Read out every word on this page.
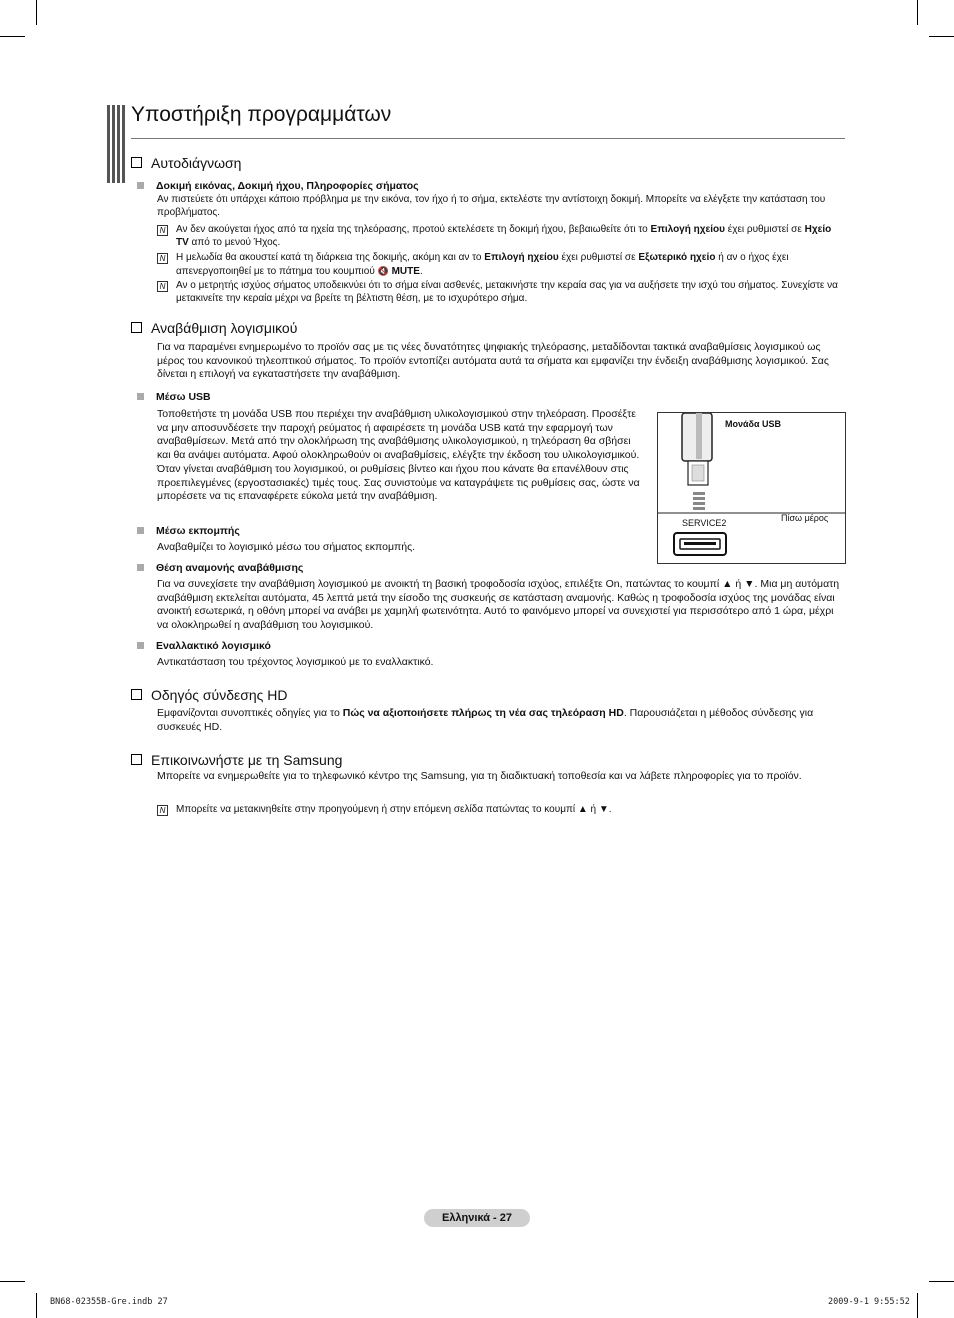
Υποστήριξη προγραμμάτων
Αυτοδιάγνωση
Δοκιμή εικόνας, Δοκιμή ήχου, Πληροφορίες σήματος
Αν πιστεύετε ότι υπάρχει κάποιο πρόβλημα με την εικόνα, τον ήχο ή το σήμα, εκτελέστε την αντίστοιχη δοκιμή. Μπορείτε να ελέγξετε την κατάσταση του προβλήματος.
N Αν δεν ακούγεται ήχος από τα ηχεία της τηλεόρασης, προτού εκτελέσετε τη δοκιμή ήχου, βεβαιωθείτε ότι το Επιλογή ηχείου έχει ρυθμιστεί σε Ηχείο TV από το μενού Ήχος.
N Η μελωδία θα ακουστεί κατά τη διάρκεια της δοκιμής, ακόμη και αν το Επιλογή ηχείου έχει ρυθμιστεί σε Εξωτερικό ηχείο ή αν ο ήχος έχει απενεργοποιηθεί με το πάτημα του κουμπιού 🔇 MUTE.
N Αν ο μετρητής ισχύος σήματος υποδεικνύει ότι το σήμα είναι ασθενές, μετακινήστε την κεραία σας για να αυξήσετε την ισχύ του σήματος. Συνεχίστε να μετακινείτε την κεραία μέχρι να βρείτε τη βέλτιστη θέση, με το ισχυρότερο σήμα.
Αναβάθμιση λογισμικού
Για να παραμένει ενημερωμένο το προϊόν σας με τις νέες δυνατότητες ψηφιακής τηλεόρασης, μεταδίδονται τακτικά αναβαθμίσεις λογισμικού ως μέρος του κανονικού τηλεοπτικού σήματος. Το προϊόν εντοπίζει αυτόματα αυτά τα σήματα και εμφανίζει την ένδειξη αναβάθμισης λογισμικού. Σας δίνεται η επιλογή να εγκαταστήσετε την αναβάθμιση.
Μέσω USB
Τοποθετήστε τη μονάδα USB που περιέχει την αναβάθμιση υλικολογισμικού στην τηλεόραση. Προσέξτε να μην αποσυνδέσετε την παροχή ρεύματος ή αφαιρέσετε τη μονάδα USB κατά την εφαρμογή των αναβαθμίσεων. Μετά από την ολοκλήρωση της αναβάθμισης υλικολογισμικού, η τηλεόραση θα σβήσει και θα ανάψει αυτόματα. Αφού ολοκληρωθούν οι αναβαθμίσεις, ελέγξτε την έκδοση του υλικολογισμικού. Όταν γίνεται αναβάθμιση του λογισμικού, οι ρυθμίσεις βίντεο και ήχου που κάνατε θα επανέλθουν στις προεπιλεγμένες (εργοστασιακές) τιμές τους. Σας συνιστούμε να καταγράψετε τις ρυθμίσεις σας, ώστε να μπορέσετε να τις επαναφέρετε εύκολα μετά την αναβάθμιση.
Μονάδα USB
SERVICE2	Πίσω μέρος
Μέσω εκπομπής
Αναβαθμίζει το λογισμικό μέσω του σήματος εκπομπής.
Θέση αναμονής αναβάθμισης
Για να συνεχίσετε την αναβάθμιση λογισμικού με ανοικτή τη βασική τροφοδοσία ισχύος, επιλέξτε On, πατώντας το κουμπί ▲ ή ▼. Μια μη αυτόματη αναβάθμιση εκτελείται αυτόματα, 45 λεπτά μετά την είσοδο της συσκευής σε κατάσταση αναμονής. Καθώς η τροφοδοσία ισχύος της μονάδας είναι ανοικτή εσωτερικά, η οθόνη μπορεί να ανάβει με χαμηλή φωτεινότητα. Αυτό το φαινόμενο μπορεί να συνεχιστεί για περισσότερο από 1 ώρα, μέχρι να ολοκληρωθεί η αναβάθμιση του λογισμικού.
Εναλλακτικό λογισμικό
Αντικατάσταση του τρέχοντος λογισμικού με το εναλλακτικό.
Οδηγός σύνδεσης HD
Εμφανίζονται συνοπτικές οδηγίες για το Πώς να αξιοποιήσετε πλήρως τη νέα σας τηλεόραση HD. Παρουσιάζεται η μέθοδος σύνδεσης για συσκευές HD.
Επικοινωνήστε με τη Samsung
Μπορείτε να ενημερωθείτε για το τηλεφωνικό κέντρο της Samsung, για τη διαδικτυακή τοποθεσία και να λάβετε πληροφορίες για το προϊόν.
N Μπορείτε να μετακινηθείτε στην προηγούμενη ή στην επόμενη σελίδα πατώντας το κουμπί ▲ ή ▼.
Ελληνικά - 27
BN68-02355B-Gre.indb 27	2009-9-1 9:55:52
